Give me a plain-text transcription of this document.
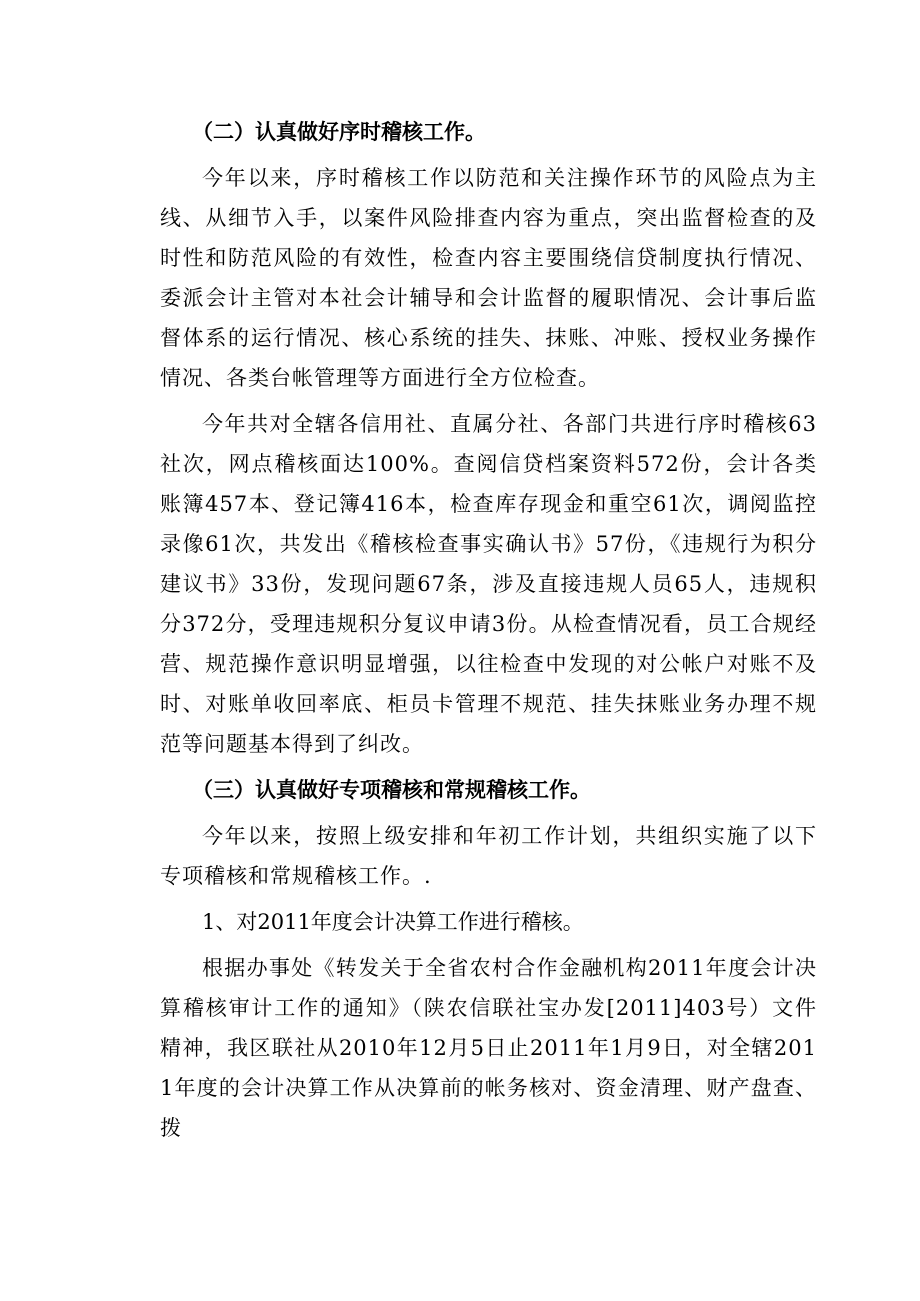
（二）认真做好序时稽核工作。

今年以来，序时稽核工作以防范和关注操作环节的风险点为主线、从细节入手，以案件风险排查内容为重点，突出监督检查的及时性和防范风险的有效性，检查内容主要围绕信贷制度执行情况、委派会计主管对本社会计辅导和会计监督的履职情况、会计事后监督体系的运行情况、核心系统的挂失、抹账、冲账、授权业务操作情况、各类台帐管理等方面进行全方位检查。

今年共对全辖各信用社、直属分社、各部门共进行序时稽核63社次，网点稽核面达100%。查阅信贷档案资料572份，会计各类账簿457本、登记簿416本，检查库存现金和重空61次，调阅监控录像61次，共发出《稽核检查事实确认书》57份，《违规行为积分建议书》33份，发现问题67条，涉及直接违规人员65人，违规积分372分，受理违规积分复议申请3份。从检查情况看，员工合规经营、规范操作意识明显增强，以往检查中发现的对公帐户对账不及时、对账单收回率底、柜员卡管理不规范、挂失抹账业务办理不规范等问题基本得到了纠改。

（三）认真做好专项稽核和常规稽核工作。

今年以来，按照上级安排和年初工作计划，共组织实施了以下专项稽核和常规稽核工作。.

1、对2011年度会计决算工作进行稽核。

根据办事处《转发关于全省农村合作金融机构2011年度会计决算稽核审计工作的通知》（陕农信联社宝办发[2011]403号）文件精神，我区联社从2010年12月5日止2011年1月9日，对全辖2011年度的会计决算工作从决算前的帐务核对、资金清理、财产盘查、拨
